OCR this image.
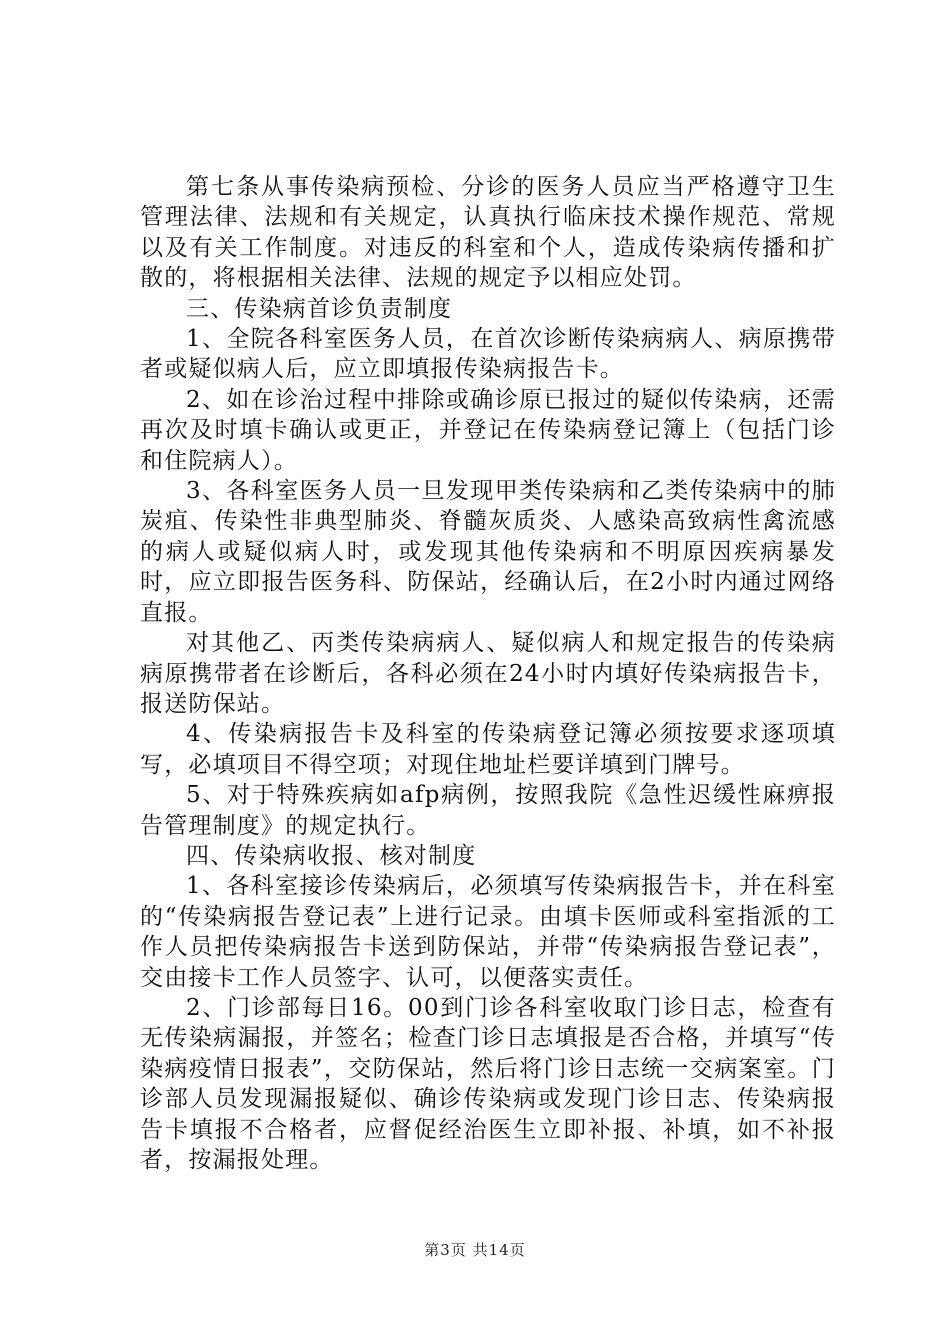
第七条从事传染病预检、分诊的医务人员应当严格遵守卫生管理法律、法规和有关规定，认真执行临床技术操作规范、常规以及有关工作制度。对违反的科室和个人，造成传染病传播和扩散的，将根据相关法律、法规的规定予以相应处罚。

三、传染病首诊负责制度

1、全院各科室医务人员，在首次诊断传染病病人、病原携带者或疑似病人后，应立即填报传染病报告卡。

2、如在诊治过程中排除或确诊原已报过的疑似传染病，还需再次及时填卡确认或更正，并登记在传染病登记簿上（包括门诊和住院病人）。

3、各科室医务人员一旦发现甲类传染病和乙类传染病中的肺炭疽、传染性非典型肺炎、脊髓灰质炎、人感染高致病性禽流感的病人或疑似病人时，或发现其他传染病和不明原因疾病暴发时，应立即报告医务科、防保站，经确认后，在2小时内通过网络直报。

对其他乙、丙类传染病病人、疑似病人和规定报告的传染病病原携带者在诊断后，各科必须在24小时内填好传染病报告卡，报送防保站。

4、传染病报告卡及科室的传染病登记簿必须按要求逐项填写，必填项目不得空项；对现住地址栏要详填到门牌号。

5、对于特殊疾病如afp病例，按照我院《急性迟缓性麻痹报告管理制度》的规定执行。

四、传染病收报、核对制度

1、各科室接诊传染病后，必须填写传染病报告卡，并在科室的“传染病报告登记表”上进行记录。由填卡医师或科室指派的工作人员把传染病报告卡送到防保站，并带“传染病报告登记表”，交由接卡工作人员签字、认可，以便落实责任。

2、门诊部每日16。00到门诊各科室收取门诊日志，检查有无传染病漏报，并签名；检查门诊日志填报是否合格，并填写“传染病疫情日报表”，交防保站，然后将门诊日志统一交病案室。门诊部人员发现漏报疑似、确诊传染病或发现门诊日志、传染病报告卡填报不合格者，应督促经治医生立即补报、补填，如不补报者，按漏报处理。

第3页 共14页
